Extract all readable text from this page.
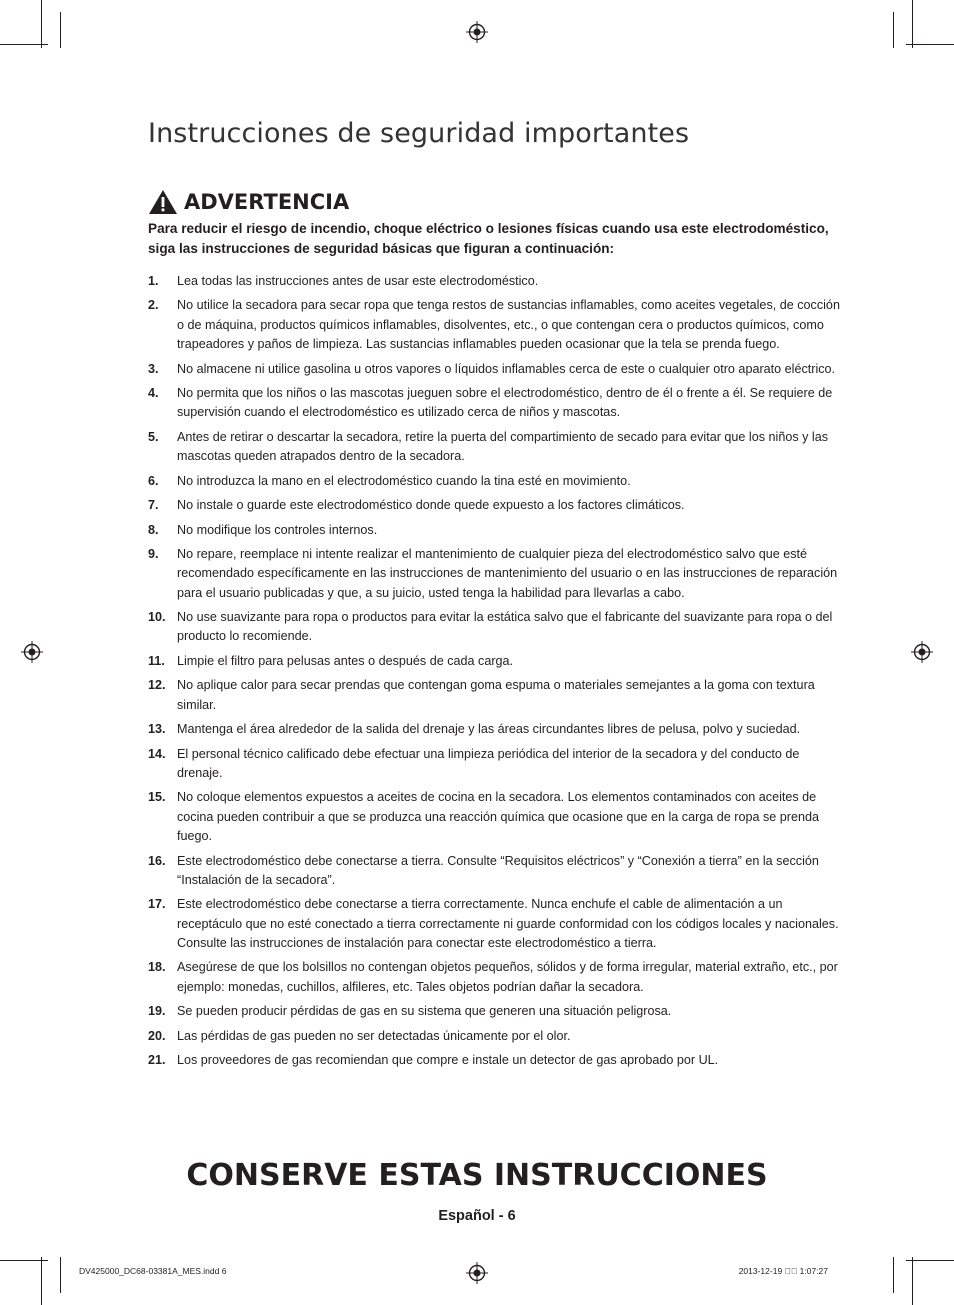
Instrucciones de seguridad importantes
ADVERTENCIA

Para reducir el riesgo de incendio, choque eléctrico o lesiones físicas cuando usa este electrodoméstico, siga las instrucciones de seguridad básicas que figuran a continuación:

1.	Lea todas las instrucciones antes de usar este electrodoméstico.
2.	No utilice la secadora para secar ropa que tenga restos de sustancias inflamables, como aceites vegetales, de cocción o de máquina, productos químicos inflamables, disolventes, etc., o que contengan cera o productos químicos, como trapeadores y paños de limpieza. Las sustancias inflamables pueden ocasionar que la tela se prenda fuego.
3.	No almacene ni utilice gasolina u otros vapores o líquidos inflamables cerca de este o cualquier otro aparato eléctrico.
4.	No permita que los niños o las mascotas jueguen sobre el electrodoméstico, dentro de él o frente a él. Se requiere de supervisión cuando el electrodoméstico es utilizado cerca de niños y mascotas.
5.	Antes de retirar o descartar la secadora, retire la puerta del compartimiento de secado para evitar que los niños y las mascotas queden atrapados dentro de la secadora.
6.	No introduzca la mano en el electrodoméstico cuando la tina esté en movimiento.
7.	No instale o guarde este electrodoméstico donde quede expuesto a los factores climáticos.
8.	No modifique los controles internos.
9.	No repare, reemplace ni intente realizar el mantenimiento de cualquier pieza del electrodoméstico salvo que esté recomendado específicamente en las instrucciones de mantenimiento del usuario o en las instrucciones de reparación para el usuario publicadas y que, a su juicio, usted tenga la habilidad para llevarlas a cabo.
10. No use suavizante para ropa o productos para evitar la estática salvo que el fabricante del suavizante para ropa o del producto lo recomiende.
11. Limpie el filtro para pelusas antes o después de cada carga.
12. No aplique calor para secar prendas que contengan goma espuma o materiales semejantes a la goma con textura similar.
13. Mantenga el área alrededor de la salida del drenaje y las áreas circundantes libres de pelusa, polvo y suciedad.
14. El personal técnico calificado debe efectuar una limpieza periódica del interior de la secadora y del conducto de drenaje.
15. No coloque elementos expuestos a aceites de cocina en la secadora. Los elementos contaminados con aceites de cocina pueden contribuir a que se produzca una reacción química que ocasione que en la carga de ropa se prenda fuego.
16. Este electrodoméstico debe conectarse a tierra. Consulte “Requisitos eléctricos” y “Conexión a tierra” en la sección “Instalación de la secadora”.
17. Este electrodoméstico debe conectarse a tierra correctamente. Nunca enchufe el cable de alimentación a un receptáculo que no esté conectado a tierra correctamente ni guarde conformidad con los códigos locales y nacionales. Consulte las instrucciones de instalación para conectar este electrodoméstico a tierra.
18. Asegúrese de que los bolsillos no contengan objetos pequeños, sólidos y de forma irregular, material extraño, etc., por ejemplo: monedas, cuchillos, alfileres, etc. Tales objetos podrían dañar la secadora.
19. Se pueden producir pérdidas de gas en su sistema que generen una situación peligrosa.
20. Las pérdidas de gas pueden no ser detectadas únicamente por el olor.
21. Los proveedores de gas recomiendan que compre e instale un detector de gas aprobado por UL.
CONSERVE ESTAS INSTRUCCIONES
Español - 6
DV425000_DC68-03381A_MES.indd 6	2013-12-19 ￿￿ 1:07:27
